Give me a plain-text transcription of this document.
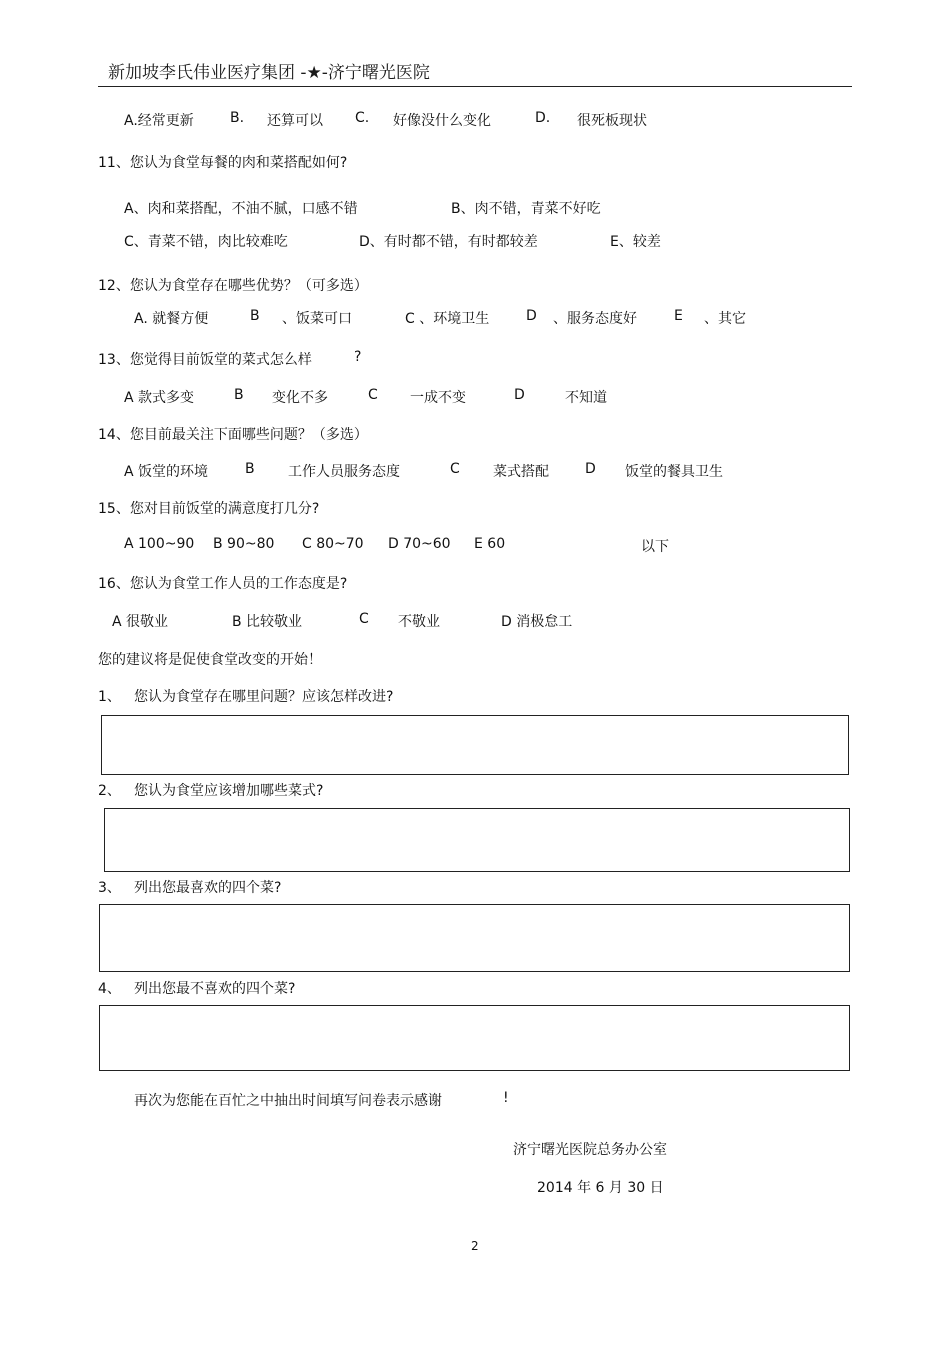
新加坡李氏伟业医疗集团 -★-济宁曙光医院
A.经常更新	B. 还算可以 C. 好像没什么变化	D. 很死板现状
11、您认为食堂每餐的肉和菜搭配如何?
A、肉和菜搭配，不油不腻，口感不错	B、肉不错，青菜不好吃
C、青菜不错，肉比较难吃	D、有时都不错，有时都较差	E、较差
12、您认为食堂存在哪些优势？（可多选）
A. 就餐方便	B 、饭菜可口	C 、环境卫生	D 、服务态度好	E 、其它
13、您觉得目前饭堂的菜式怎么样	?
A 款式多变	B 变化不多	C 一成不变	D	不知道
14、您目前最关注下面哪些问题？（多选）
A 饭堂的环境	B 工作人员服务态度	C 菜式搭配	D 饭堂的餐具卫生
15、您对目前饭堂的满意度打几分?
A 100~90 B 90~80 C 80~70 D 70~60 E 60	以下
16、您认为食堂工作人员的工作态度是?
A 很敬业	B 比较敬业	C 不敬业	D 消极怠工
您的建议将是促使食堂改变的开始！
1、 您认为食堂存在哪里问题？应该怎样改进?
2、 您认为食堂应该增加哪些菜式?
3、 列出您最喜欢的四个菜?
4、 列出您最不喜欢的四个菜?
再次为您能在百忙之中抽出时间填写问卷表示感谢	!
济宁曙光医院总务办公室
2014 年 6 月 30 日
2
